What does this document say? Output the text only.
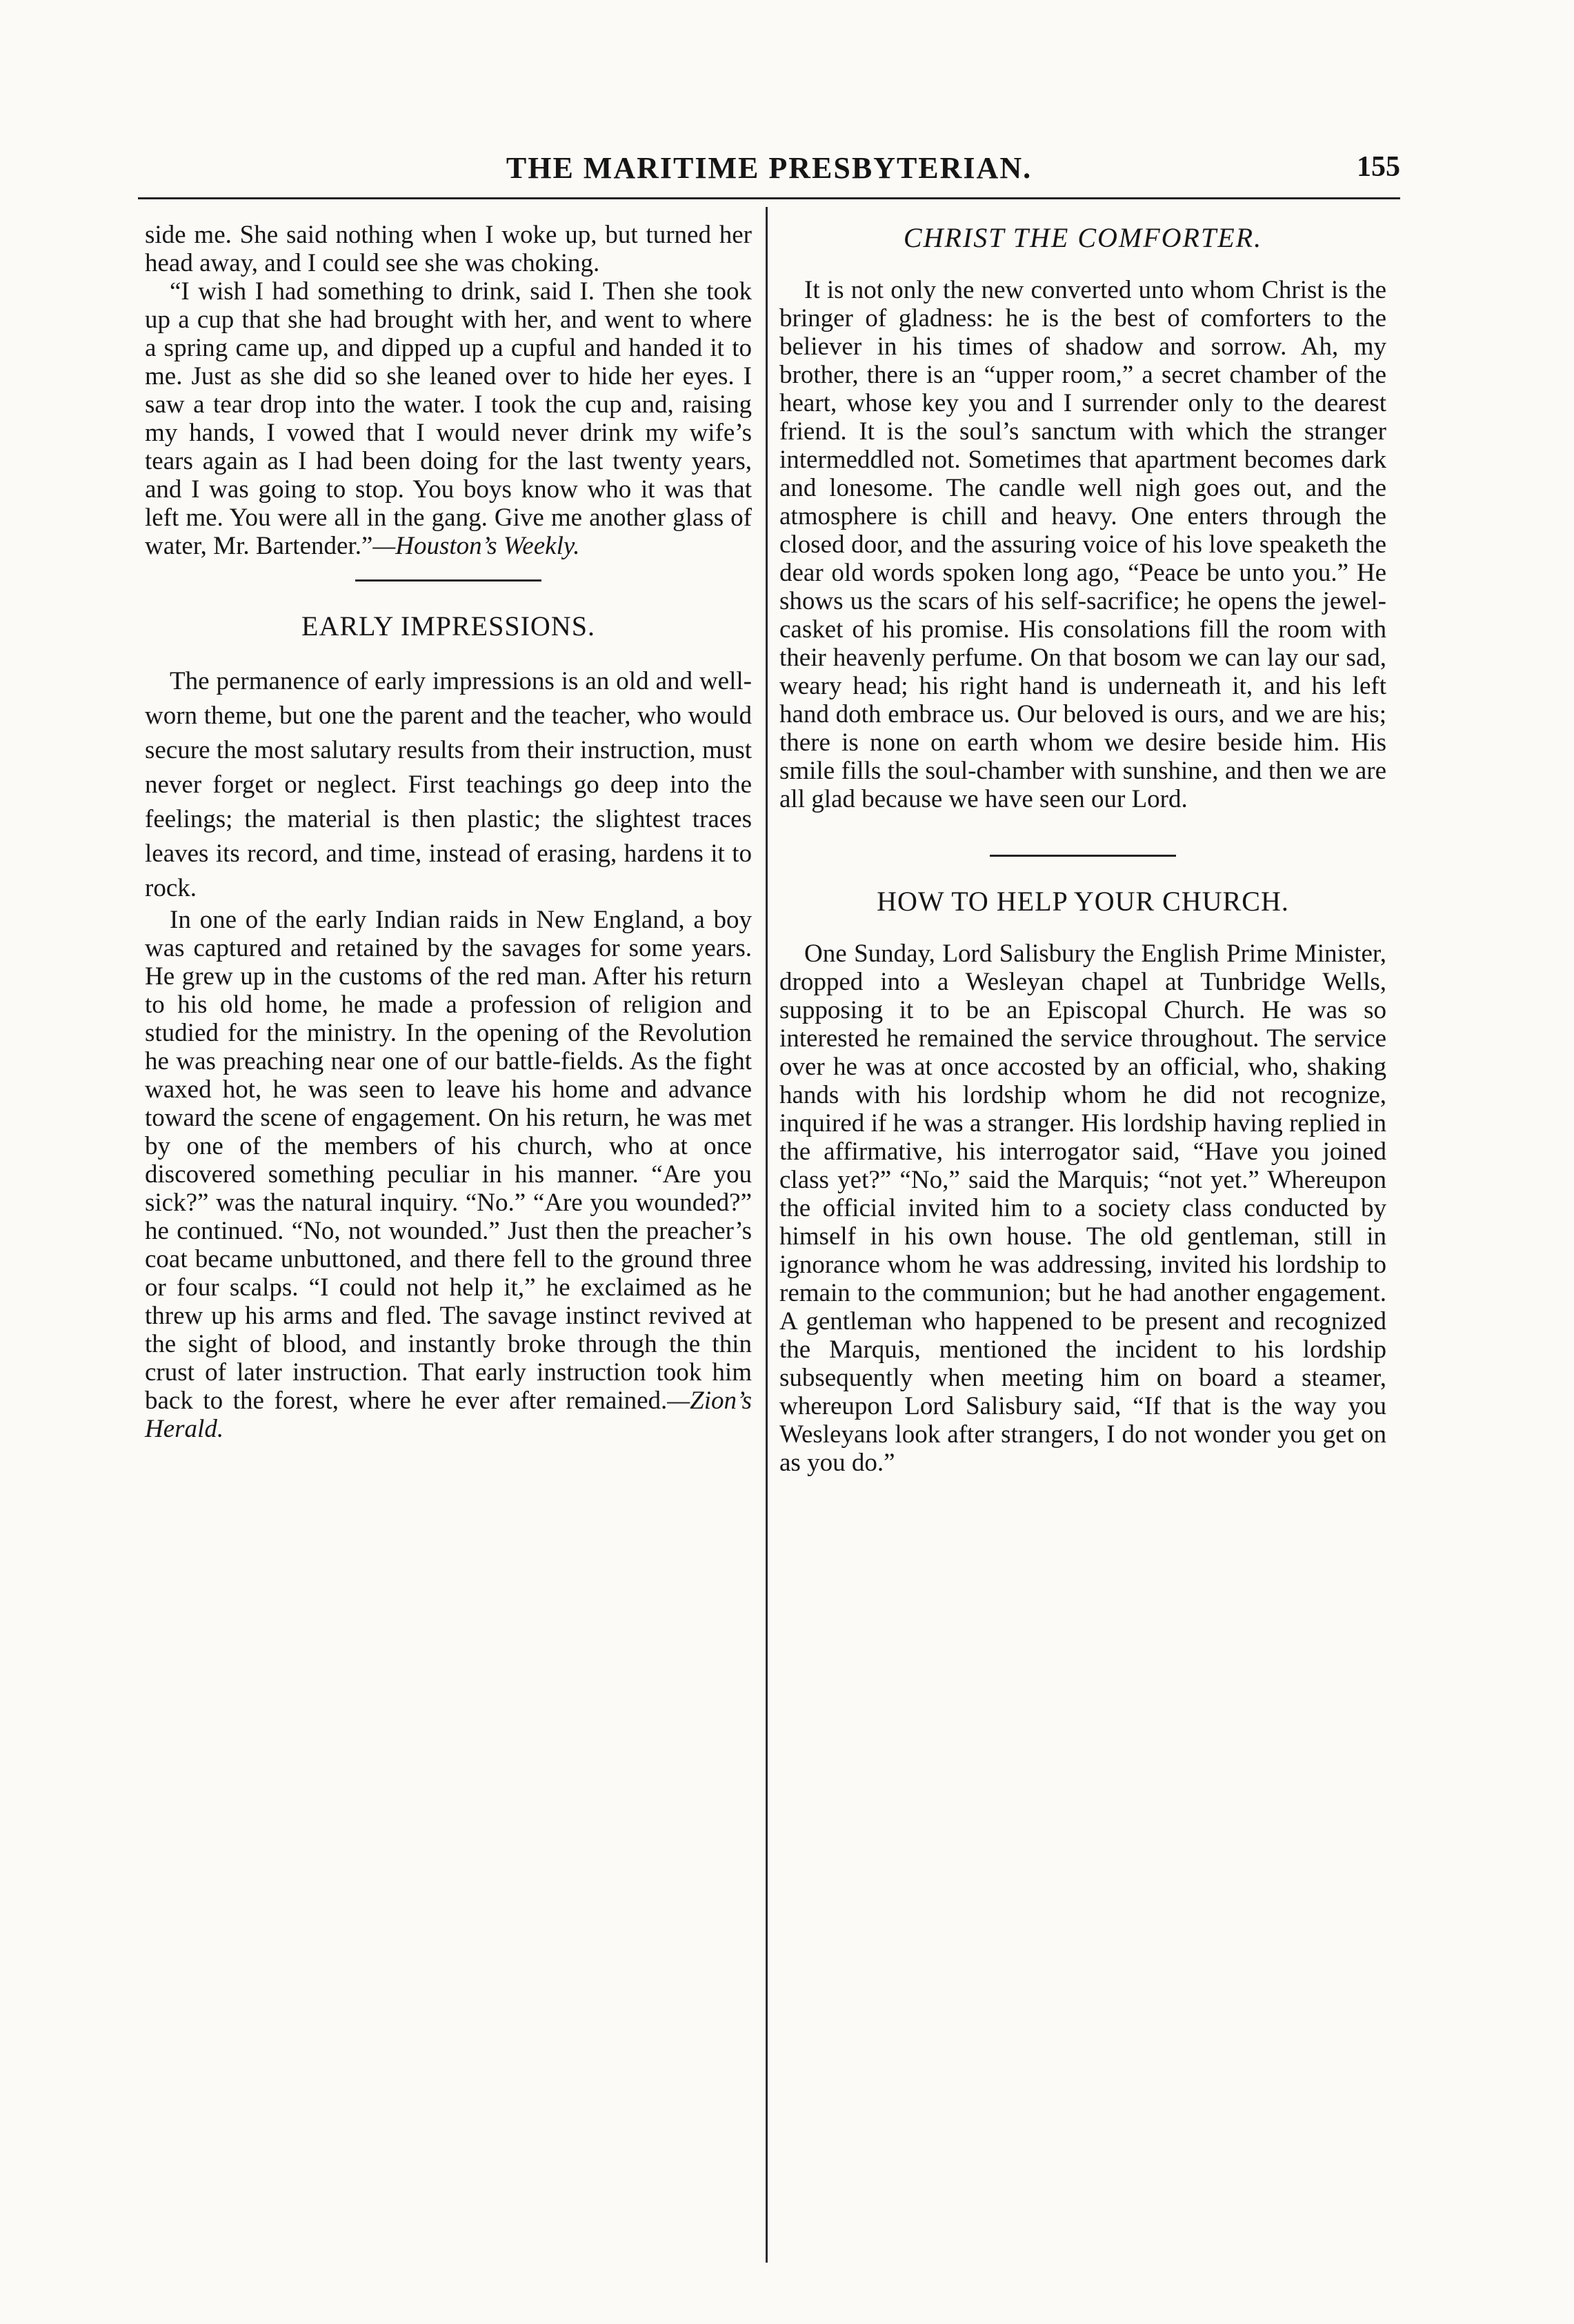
THE MARITIME PRESBYTERIAN.	155

side me. She said nothing when I woke up, but turned her head away, and I could see she was choking.

“I wish I had something to drink, said I. Then she took up a cup that she had brought with her, and went to where a spring came up, and dipped up a cupful and handed it to me. Just as she did so she leaned over to hide her eyes. I saw a tear drop into the water. I took the cup and, raising my hands, I vowed that I would never drink my wife’s tears again as I had been doing for the last twenty years, and I was going to stop. You boys know who it was that left me. You were all in the gang. Give me another glass of water, Mr. Bartender.”—Houston’s Weekly.

EARLY IMPRESSIONS.

The permanence of early impressions is an old and well-worn theme, but one the parent and the teacher, who would secure the most salutary results from their instruction, must never forget or neglect. First teachings go deep into the feelings; the material is then plastic; the slightest traces leaves its record, and time, instead of erasing, hardens it to rock.

In one of the early Indian raids in New England, a boy was captured and retained by the savages for some years. He grew up in the customs of the red man. After his return to his old home, he made a profession of religion and studied for the ministry. In the opening of the Revolution he was preaching near one of our battle-fields. As the fight waxed hot, he was seen to leave his home and advance toward the scene of engagement. On his return, he was met by one of the members of his church, who at once discovered something peculiar in his manner. “Are you sick?” was the natural inquiry. “No.” “Are you wounded?” he continued. “No, not wounded.” Just then the preacher’s coat became unbuttoned, and there fell to the ground three or four scalps. “I could not help it,” he exclaimed as he threw up his arms and fled. The savage instinct revived at the sight of blood, and instantly broke through the thin crust of later instruction. That early instruction took him back to the forest, where he ever after remained.—Zion’s Herald.

CHRIST THE COMFORTER.

It is not only the new converted unto whom Christ is the bringer of gladness: he is the best of comforters to the believer in his times of shadow and sorrow. Ah, my brother, there is an “upper room,” a secret chamber of the heart, whose key you and I surrender only to the dearest friend. It is the soul’s sanctum with which the stranger intermeddled not. Sometimes that apartment becomes dark and lonesome. The candle well nigh goes out, and the atmosphere is chill and heavy. One enters through the closed door, and the assuring voice of his love speaketh the dear old words spoken long ago, “Peace be unto you.” He shows us the scars of his self-sacrifice; he opens the jewel-casket of his promise. His consolations fill the room with their heavenly perfume. On that bosom we can lay our sad, weary head; his right hand is underneath it, and his left hand doth embrace us. Our beloved is ours, and we are his; there is none on earth whom we desire beside him. His smile fills the soul-chamber with sunshine, and then we are all glad because we have seen our Lord.

HOW TO HELP YOUR CHURCH.

One Sunday, Lord Salisbury the English Prime Minister, dropped into a Wesleyan chapel at Tunbridge Wells, supposing it to be an Episcopal Church. He was so interested he remained the service throughout. The service over he was at once accosted by an official, who, shaking hands with his lordship whom he did not recognize, inquired if he was a stranger. His lordship having replied in the affirmative, his interrogator said, “Have you joined class yet?” “No,” said the Marquis; “not yet.” Whereupon the official invited him to a society class conducted by himself in his own house. The old gentleman, still in ignorance whom he was addressing, invited his lordship to remain to the communion; but he had another engagement. A gentleman who happened to be present and recognized the Marquis, mentioned the incident to his lordship subsequently when meeting him on board a steamer, whereupon Lord Salisbury said, “If that is the way you Wesleyans look after strangers, I do not wonder you get on as you do.”
